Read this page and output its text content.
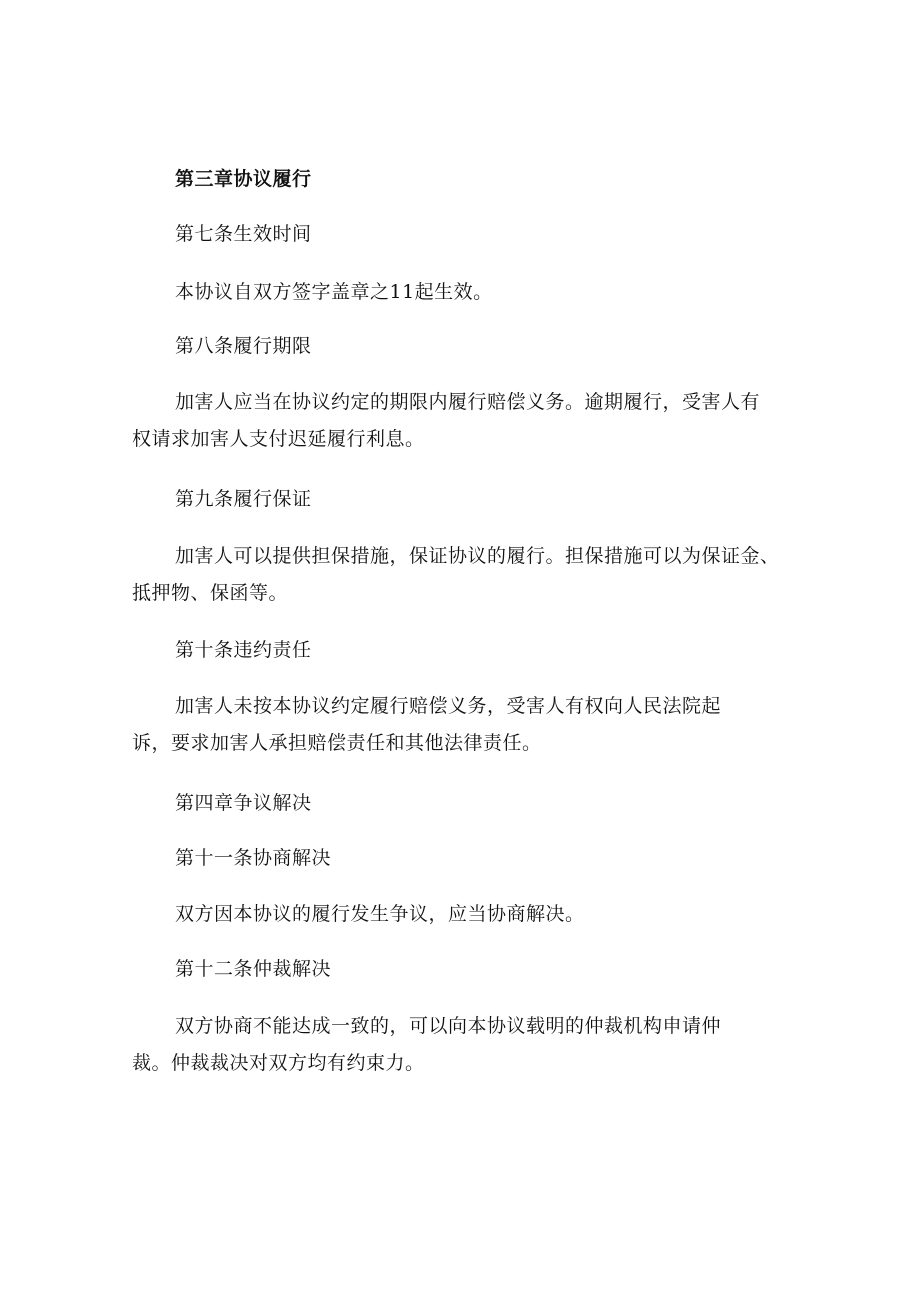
第三章协议履行
第七条生效时间
本协议自双方签字盖章之11起生效。
第八条履行期限
加害人应当在协议约定的期限内履行赔偿义务。逾期履行，受害人有
权请求加害人支付迟延履行利息。
第九条履行保证
加害人可以提供担保措施，保证协议的履行。担保措施可以为保证金、
抵押物、保函等。
第十条违约责任
加害人未按本协议约定履行赔偿义务，受害人有权向人民法院起
诉，要求加害人承担赔偿责任和其他法律责任。
第四章争议解决
第十一条协商解决
双方因本协议的履行发生争议，应当协商解决。
第十二条仲裁解决
双方协商不能达成一致的，可以向本协议载明的仲裁机构申请仲
裁。仲裁裁决对双方均有约束力。
